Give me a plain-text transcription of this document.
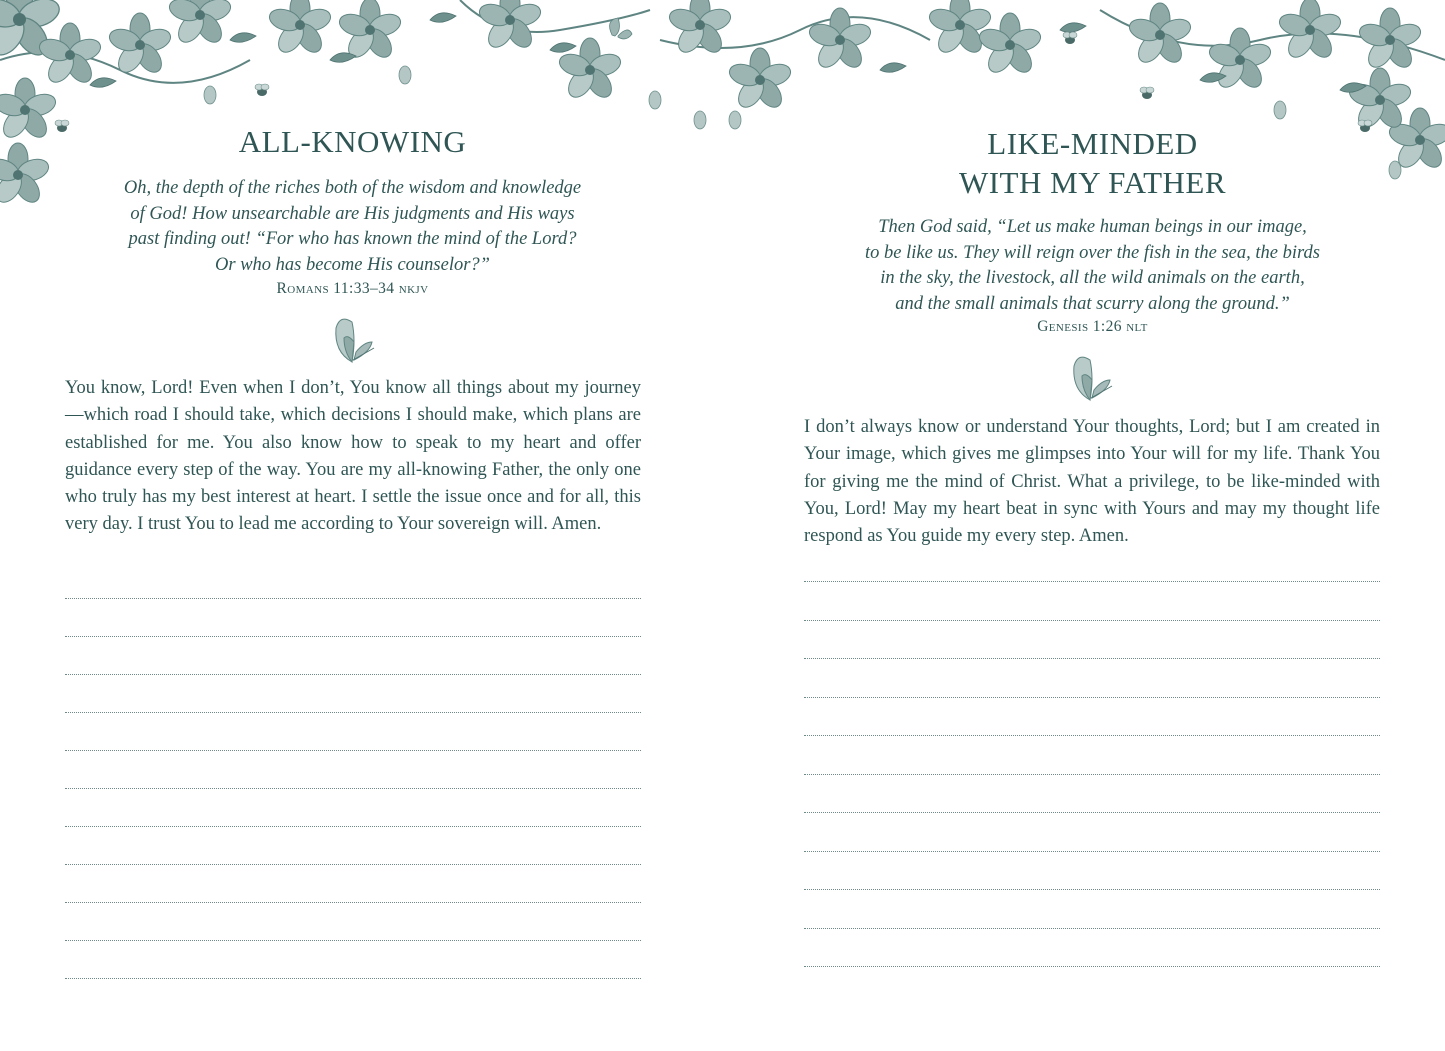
ALL-KNOWING
Oh, the depth of the riches both of the wisdom and knowledge
of God! How unsearchable are His judgments and His ways
past finding out! “For who has known the mind of the Lord?
Or who has become His counselor?”
Romans 11:33–34 nkjv
You know, Lord! Even when I don’t, You know all things about my journey—which road I should take, which decisions I should make, which plans are established for me. You also know how to speak to my heart and offer guidance every step of the way. You are my all-knowing Father, the only one who truly has my best interest at heart. I settle the issue once and for all, this very day. I trust You to lead me according to Your sovereign will. Amen.
LIKE-MINDED
WITH MY FATHER
Then God said, “Let us make human beings in our image,
to be like us. They will reign over the fish in the sea, the birds
in the sky, the livestock, all the wild animals on the earth,
and the small animals that scurry along the ground.”
Genesis 1:26 nlt
I don’t always know or understand Your thoughts, Lord; but I am created in Your image, which gives me glimpses into Your will for my life. Thank You for giving me the mind of Christ. What a privilege, to be like-minded with You, Lord! May my heart beat in sync with Yours and may my thought life respond as You guide my every step. Amen.
